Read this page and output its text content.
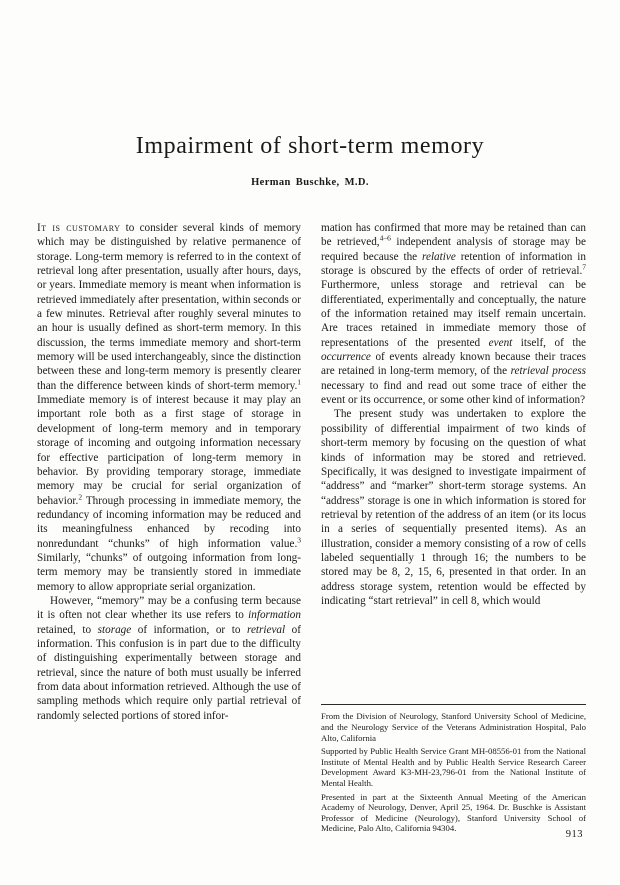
Impairment of short-term memory
Herman Buschke, M.D.

It is customary to consider several kinds of memory which may be distinguished by relative permanence of storage. Long-term memory is referred to in the context of retrieval long after presentation, usually after hours, days, or years. Immediate memory is meant when information is retrieved immediately after presentation, within seconds or a few minutes. Retrieval after roughly several minutes to an hour is usually defined as short-term memory. In this discussion, the terms immediate memory and short-term memory will be used interchangeably, since the distinction between these and long-term memory is presently clearer than the difference between kinds of short-term memory.$^1$ Immediate memory is of interest because it may play an important role both as a first stage of storage in development of long-term memory and in temporary storage of incoming and outgoing information necessary for effective participation of long-term memory in behavior. By providing temporary storage, immediate memory may be crucial for serial organization of behavior.$^2$ Through processing in immediate memory, the redundancy of incoming information may be reduced and its meaningfulness enhanced by recoding into nonredundant “chunks” of high information value.$^3$ Similarly, “chunks” of outgoing information from long-term memory may be transiently stored in immediate memory to allow appropriate serial organization.

However, “memory” may be a confusing term because it is often not clear whether its use refers to information retained, to storage of information, or to retrieval of information. This confusion is in part due to the difficulty of distinguishing experimentally between storage and retrieval, since the nature of both must usually be inferred from data about information retrieved. Although the use of sampling methods which require only partial retrieval of randomly selected portions of stored infor-

mation has confirmed that more may be retained than can be retrieved,$^{4-6}$ independent analysis of storage may be required because the relative retention of information in storage is obscured by the effects of order of retrieval.$^7$ Furthermore, unless storage and retrieval can be differentiated, experimentally and conceptually, the nature of the information retained may itself remain uncertain. Are traces retained in immediate memory those of representations of the presented event itself, of the occurrence of events already known because their traces are retained in long-term memory, of the retrieval process necessary to find and read out some trace of either the event or its occurrence, or some other kind of information?

The present study was undertaken to explore the possibility of differential impairment of two kinds of short-term memory by focusing on the question of what kinds of information may be stored and retrieved. Specifically, it was designed to investigate impairment of “address” and “marker” short-term storage systems. An “address” storage is one in which information is stored for retrieval by retention of the address of an item (or its locus in a series of sequentially presented items). As an illustration, consider a memory consisting of a row of cells labeled sequentially 1 through 16; the numbers to be stored may be 8, 2, 15, 6, presented in that order. In an address storage system, retention would be effected by indicating “start retrieval” in cell 8, which would

From the Division of Neurology, Stanford University School of Medicine, and the Neurology Service of the Veterans Administration Hospital, Palo Alto, California

Supported by Public Health Service Grant MH-08556-01 from the National Institute of Mental Health and by Public Health Service Research Career Development Award K3-MH-23,796-01 from the National Institute of Mental Health.

Presented in part at the Sixteenth Annual Meeting of the American Academy of Neurology, Denver, April 25, 1964. Dr. Buschke is Assistant Professor of Medicine (Neurology), Stanford University School of Medicine, Palo Alto, California 94304.

913
